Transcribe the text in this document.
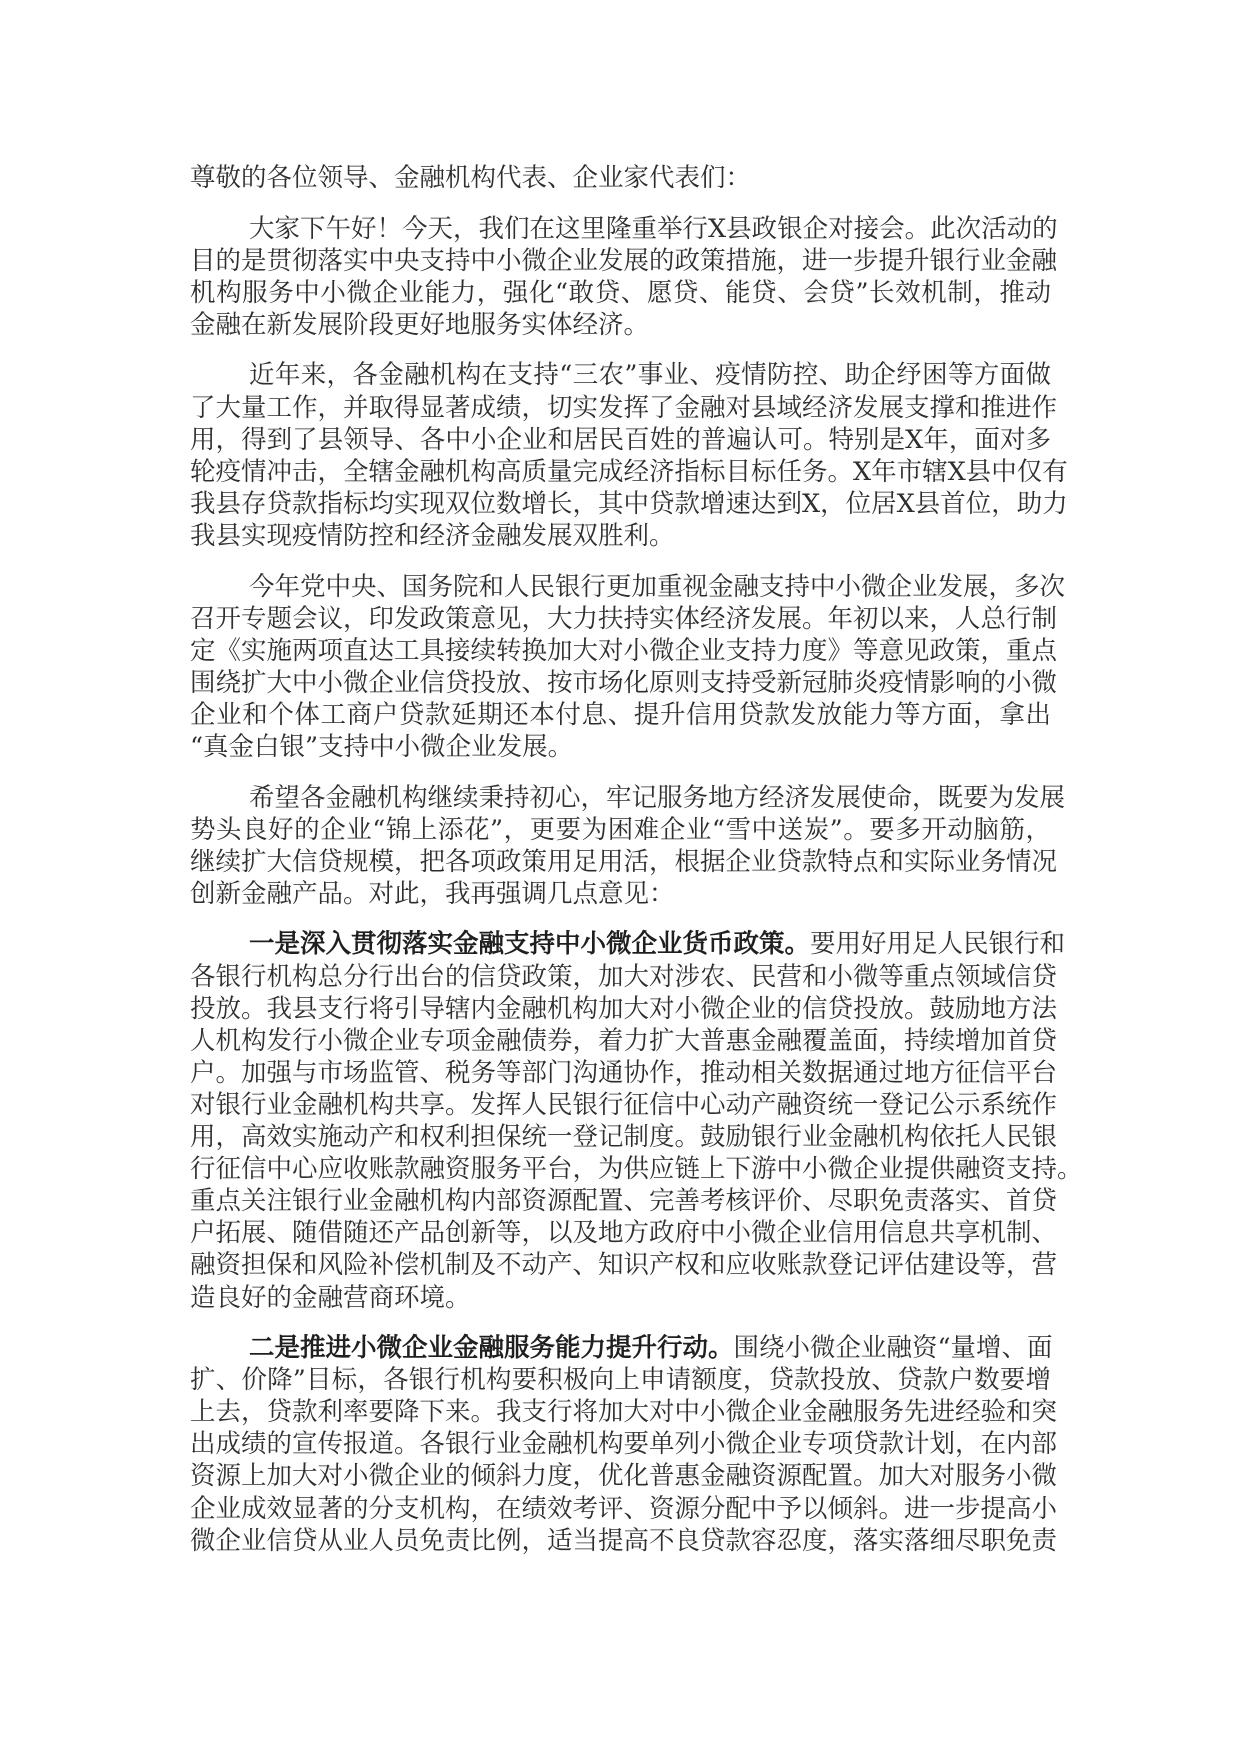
尊敬的各位领导、金融机构代表、企业家代表们：
大家下午好！今天，我们在这里隆重举行X县政银企对接会。此次活动的
目的是贯彻落实中央支持中小微企业发展的政策措施，进一步提升银行业金融
机构服务中小微企业能力，强化“敢贷、愿贷、能贷、会贷”长效机制，推动
金融在新发展阶段更好地服务实体经济。
近年来，各金融机构在支持“三农”事业、疫情防控、助企纾困等方面做
了大量工作，并取得显著成绩，切实发挥了金融对县域经济发展支撑和推进作
用，得到了县领导、各中小企业和居民百姓的普遍认可。特别是X年，面对多
轮疫情冲击，全辖金融机构高质量完成经济指标目标任务。X年市辖X县中仅有
我县存贷款指标均实现双位数增长，其中贷款增速达到X，位居X县首位，助力
我县实现疫情防控和经济金融发展双胜利。
今年党中央、国务院和人民银行更加重视金融支持中小微企业发展，多次
召开专题会议，印发政策意见，大力扶持实体经济发展。年初以来，人总行制
定《实施两项直达工具接续转换加大对小微企业支持力度》等意见政策，重点
围绕扩大中小微企业信贷投放、按市场化原则支持受新冠肺炎疫情影响的小微
企业和个体工商户贷款延期还本付息、提升信用贷款发放能力等方面，拿出
“真金白银”支持中小微企业发展。
希望各金融机构继续秉持初心，牢记服务地方经济发展使命，既要为发展
势头良好的企业“锦上添花”，更要为困难企业“雪中送炭”。要多开动脑筋，
继续扩大信贷规模，把各项政策用足用活，根据企业贷款特点和实际业务情况
创新金融产品。对此，我再强调几点意见：
一是深入贯彻落实金融支持中小微企业货币政策。要用好用足人民银行和
各银行机构总分行出台的信贷政策，加大对涉农、民营和小微等重点领域信贷
投放。我县支行将引导辖内金融机构加大对小微企业的信贷投放。鼓励地方法
人机构发行小微企业专项金融债券，着力扩大普惠金融覆盖面，持续增加首贷
户。加强与市场监管、税务等部门沟通协作，推动相关数据通过地方征信平台
对银行业金融机构共享。发挥人民银行征信中心动产融资统一登记公示系统作
用，高效实施动产和权利担保统一登记制度。鼓励银行业金融机构依托人民银
行征信中心应收账款融资服务平台，为供应链上下游中小微企业提供融资支持。
重点关注银行业金融机构内部资源配置、完善考核评价、尽职免责落实、首贷
户拓展、随借随还产品创新等，以及地方政府中小微企业信用信息共享机制、
融资担保和风险补偿机制及不动产、知识产权和应收账款登记评估建设等，营
造良好的金融营商环境。
二是推进小微企业金融服务能力提升行动。围绕小微企业融资“量增、面
扩、价降”目标，各银行机构要积极向上申请额度，贷款投放、贷款户数要增
上去，贷款利率要降下来。我支行将加大对中小微企业金融服务先进经验和突
出成绩的宣传报道。各银行业金融机构要单列小微企业专项贷款计划，在内部
资源上加大对小微企业的倾斜力度，优化普惠金融资源配置。加大对服务小微
企业成效显著的分支机构，在绩效考评、资源分配中予以倾斜。进一步提高小
微企业信贷从业人员免责比例，适当提高不良贷款容忍度，落实落细尽职免责
